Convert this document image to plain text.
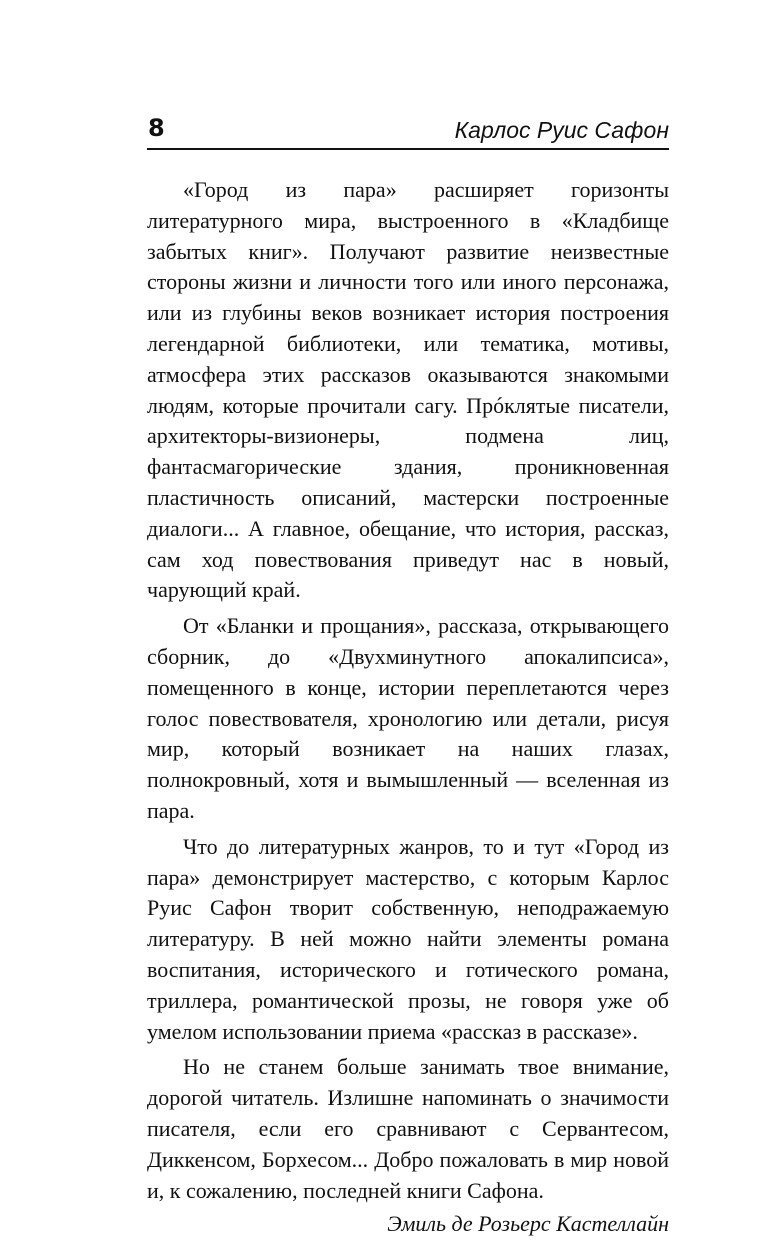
8	Карлос Руис Сафон

«Город из пара» расширяет горизонты литературного мира, выстроенного в «Кладбище забытых книг». Получают развитие неизвестные стороны жизни и личности того или иного персонажа, или из глубины веков возникает история построения легендарной библиотеки, или тематика, мотивы, атмосфера этих рассказов оказываются знакомыми людям, которые прочитали сагу. Прóклятые писатели, архитекторы-визионеры, подмена лиц, фантасмагорические здания, проникновенная пластичность описаний, мастерски построенные диалоги... А главное, обещание, что история, рассказ, сам ход повествования приведут нас в новый, чарующий край.

От «Бланки и прощания», рассказа, открывающего сборник, до «Двухминутного апокалипсиса», помещенного в конце, истории переплетаются через голос повествователя, хронологию или детали, рисуя мир, который возникает на наших глазах, полнокровный, хотя и вымышленный — вселенная из пара.

Что до литературных жанров, то и тут «Город из пара» демонстрирует мастерство, с которым Карлос Руис Сафон творит собственную, неподражаемую литературу. В ней можно найти элементы романа воспитания, исторического и готического романа, триллера, романтической прозы, не говоря уже об умелом использовании приема «рассказ в рассказе».

Но не станем больше занимать твое внимание, дорогой читатель. Излишне напоминать о значимости писателя, если его сравнивают с Сервантесом, Диккенсом, Борхесом... Добро пожаловать в мир новой и, к сожалению, последней книги Сафона.

Эмиль де Розьерс Кастеллайн
